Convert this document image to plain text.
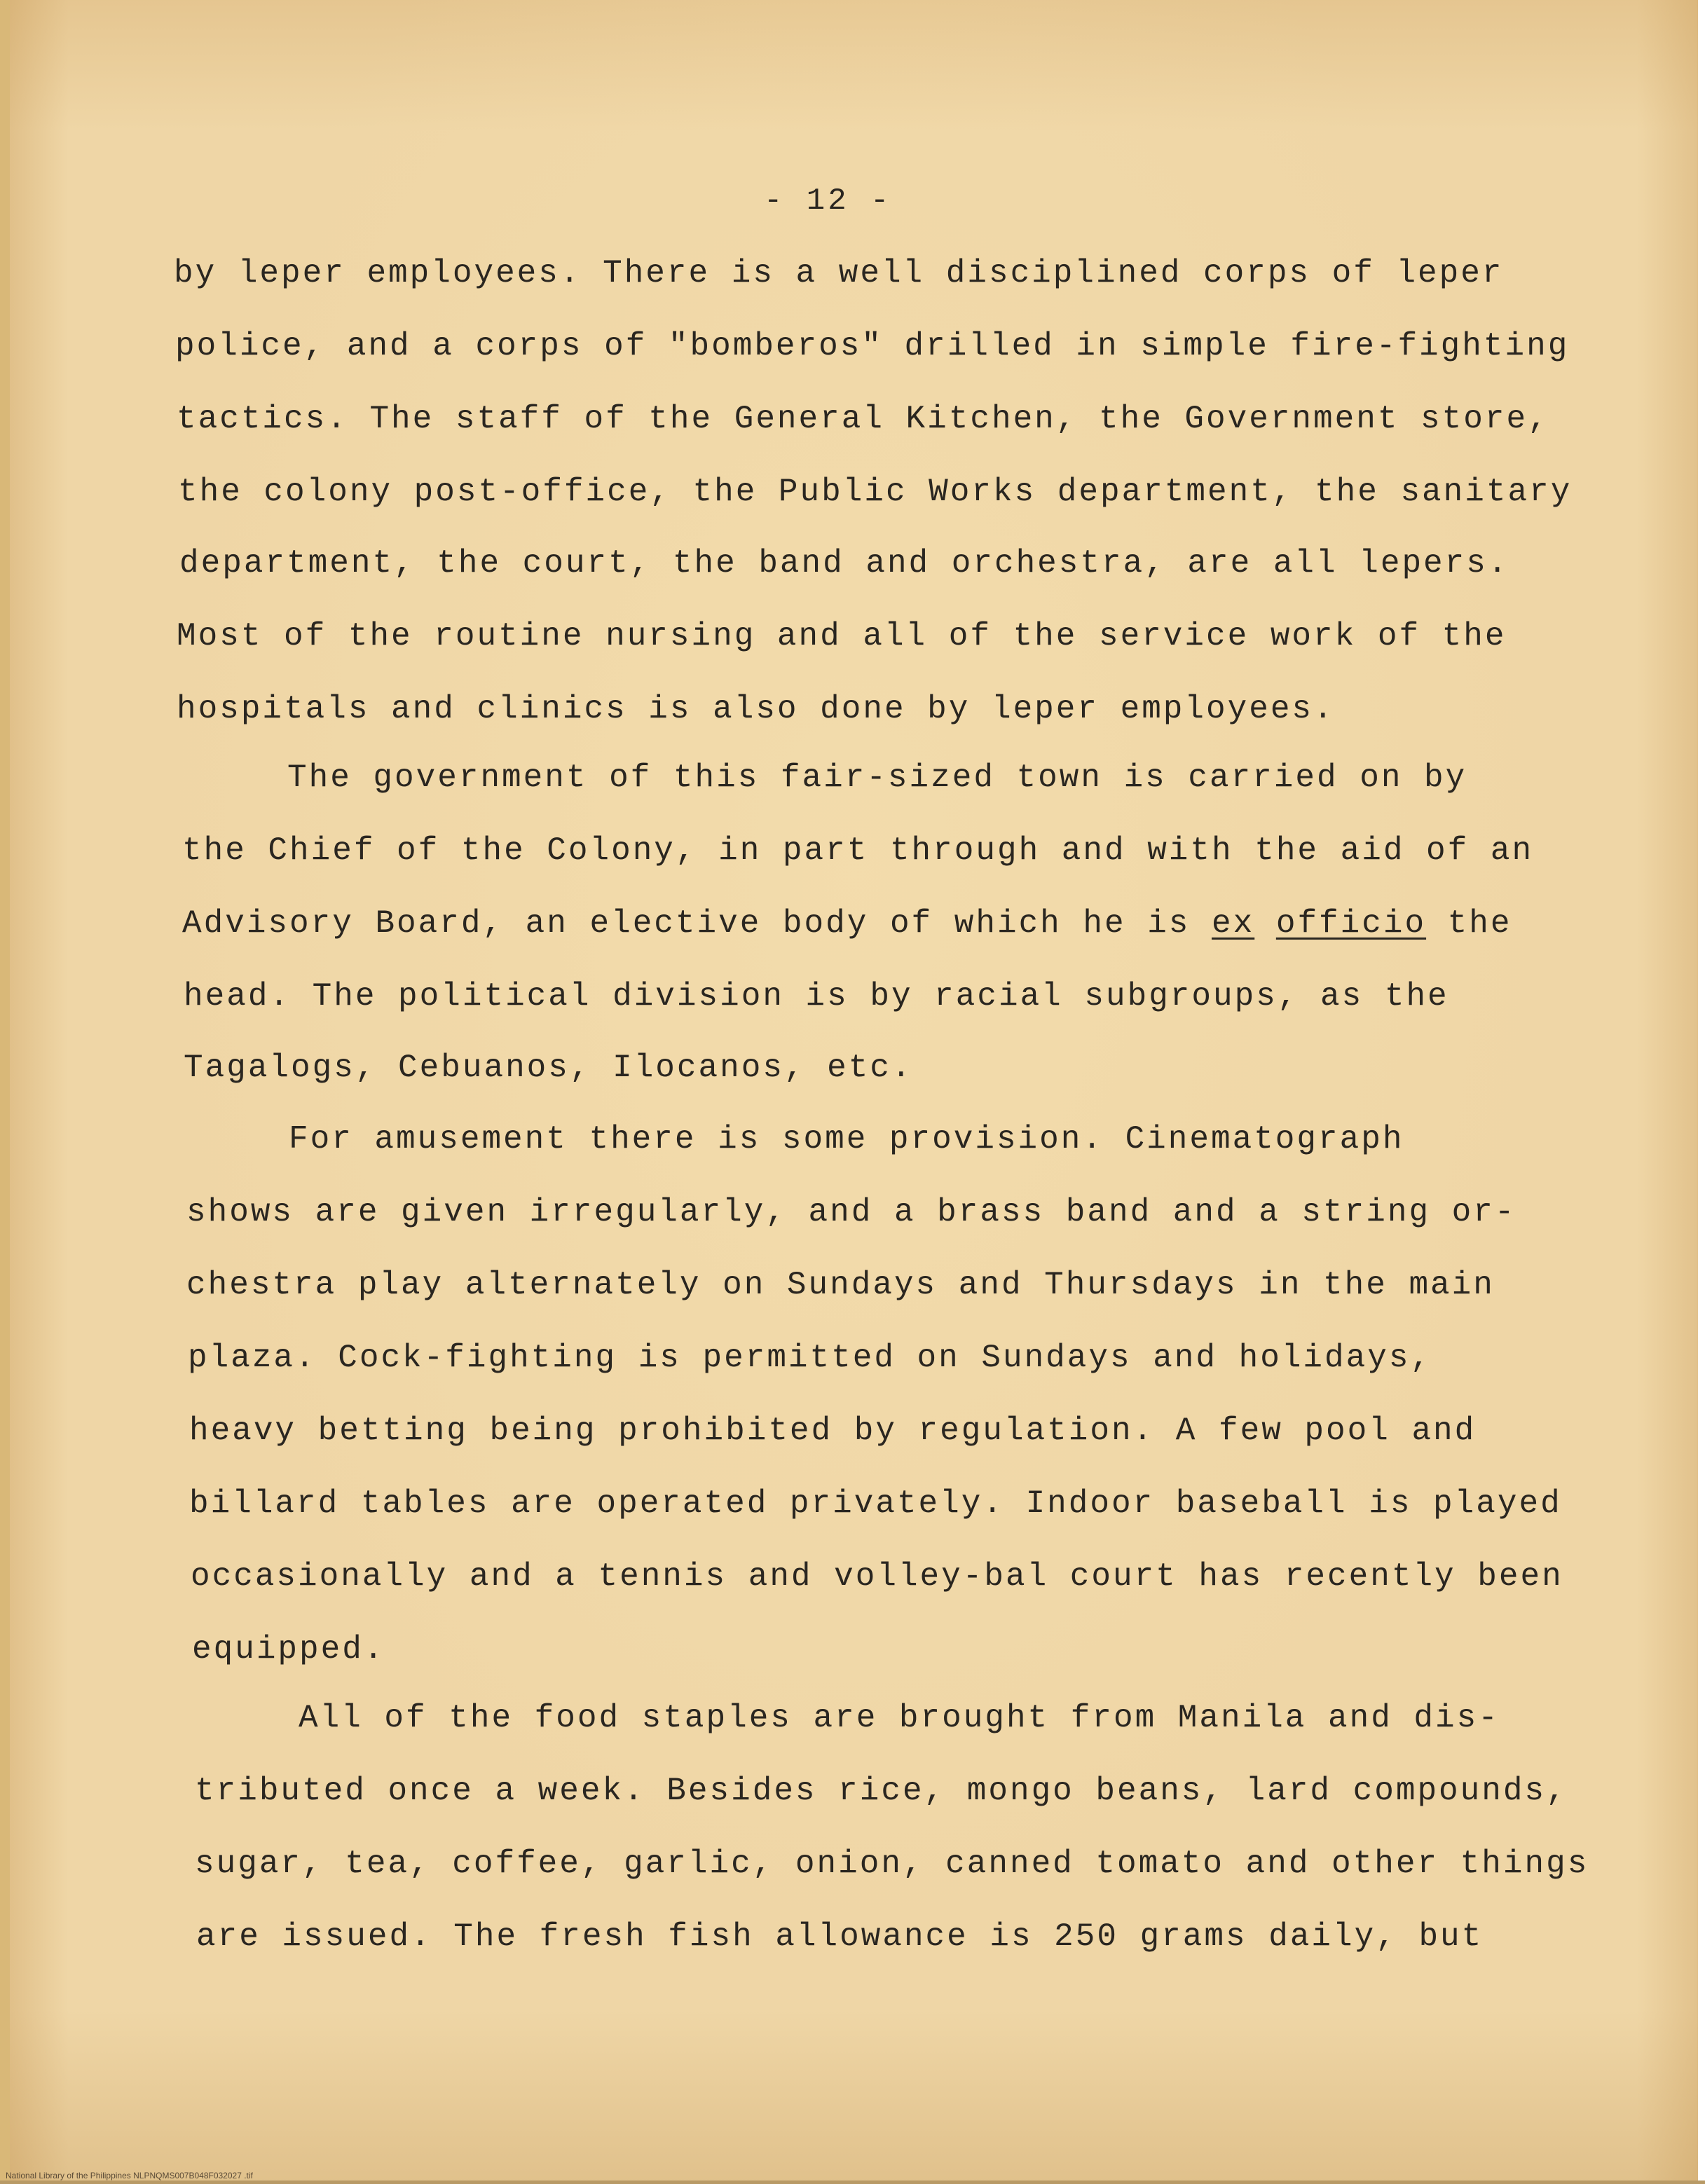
- 12 -
by leper employees. There is a well disciplined corps of leper
police, and a corps of "bomberos" drilled in simple fire-fighting
tactics. The staff of the General Kitchen, the Government store,
the colony post-office, the Public Works department, the sanitary
department, the court, the band and orchestra, are all lepers.
Most of the routine nursing and all of the service work of the
hospitals and clinics is also done by leper employees.
The government of this fair-sized town is carried on by
the Chief of the Colony, in part through and with the aid of an
Advisory Board, an elective body of which he is ex officio the
head. The political division is by racial subgroups, as the
Tagalogs, Cebuanos, Ilocanos, etc.
For amusement there is some provision. Cinematograph
shows are given irregularly, and a brass band and a string or-
chestra play alternately on Sundays and Thursdays in the main
plaza. Cock-fighting is permitted on Sundays and holidays,
heavy betting being prohibited by regulation. A few pool and
billard tables are operated privately. Indoor baseball is played
occasionally and a tennis and volley-bal court has recently been
equipped.
All of the food staples are brought from Manila and dis-
tributed once a week. Besides rice, mongo beans, lard compounds,
sugar, tea, coffee, garlic, onion, canned tomato and other things
are issued. The fresh fish allowance is 250 grams daily, but
National Library of the Philippines NLPNQMS007B048F032027 .tif
